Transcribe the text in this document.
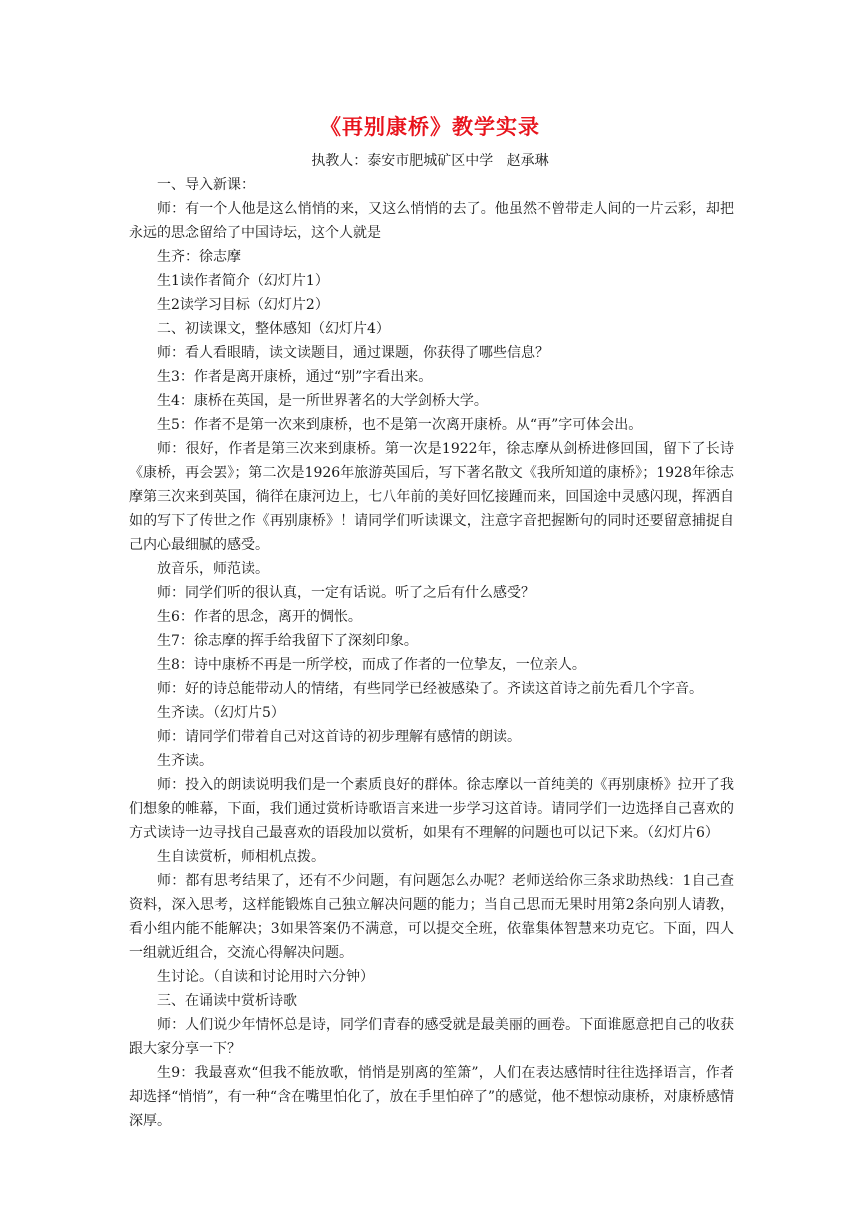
《再别康桥》教学实录
执教人：泰安市肥城矿区中学   赵承琳

一、导入新课：

师：有一个人他是这么悄悄的来，又这么悄悄的去了。他虽然不曾带走人间的一片云彩，却把永远的思念留给了中国诗坛，这个人就是

生齐：徐志摩

生1读作者简介（幻灯片1）

生2读学习目标（幻灯片2）

二、初读课文，整体感知（幻灯片4）

师：看人看眼睛，读文读题目，通过课题，你获得了哪些信息？

生3：作者是离开康桥，通过“别”字看出来。

生4：康桥在英国，是一所世界著名的大学剑桥大学。

生5：作者不是第一次来到康桥，也不是第一次离开康桥。从“再”字可体会出。

师：很好，作者是第三次来到康桥。第一次是1922年，徐志摩从剑桥进修回国，留下了长诗《康桥，再会罢》；第二次是1926年旅游英国后，写下著名散文《我所知道的康桥》；1928年徐志摩第三次来到英国，徜徉在康河边上，七八年前的美好回忆接踵而来，回国途中灵感闪现，挥洒自如的写下了传世之作《再别康桥》！请同学们听读课文，注意字音把握断句的同时还要留意捕捉自己内心最细腻的感受。

放音乐，师范读。

师：同学们听的很认真，一定有话说。听了之后有什么感受？

生6：作者的思念，离开的惆怅。

生7：徐志摩的挥手给我留下了深刻印象。

生8：诗中康桥不再是一所学校，而成了作者的一位挚友，一位亲人。

师：好的诗总能带动人的情绪，有些同学已经被感染了。齐读这首诗之前先看几个字音。

生齐读。（幻灯片5）

师：请同学们带着自己对这首诗的初步理解有感情的朗读。

生齐读。

师：投入的朗读说明我们是一个素质良好的群体。徐志摩以一首纯美的《再别康桥》拉开了我们想象的帷幕，下面，我们通过赏析诗歌语言来进一步学习这首诗。请同学们一边选择自己喜欢的方式读诗一边寻找自己最喜欢的语段加以赏析，如果有不理解的问题也可以记下来。（幻灯片6）

生自读赏析，师相机点拨。

师：都有思考结果了，还有不少问题，有问题怎么办呢？老师送给你三条求助热线：1自己查资料，深入思考，这样能锻炼自己独立解决问题的能力；当自己思而无果时用第2条向别人请教，看小组内能不能解决；3如果答案仍不满意，可以提交全班，依靠集体智慧来功克它。下面，四人一组就近组合，交流心得解决问题。

生讨论。（自读和讨论用时六分钟）

三、在诵读中赏析诗歌

师：人们说少年情怀总是诗，同学们青春的感受就是最美丽的画卷。下面谁愿意把自己的收获跟大家分享一下？

生9：我最喜欢“但我不能放歌，悄悄是别离的笙箫”，人们在表达感情时往往选择语言，作者却选择“悄悄”，有一种“含在嘴里怕化了，放在手里怕碎了”的感觉，他不想惊动康桥，对康桥感情深厚。
